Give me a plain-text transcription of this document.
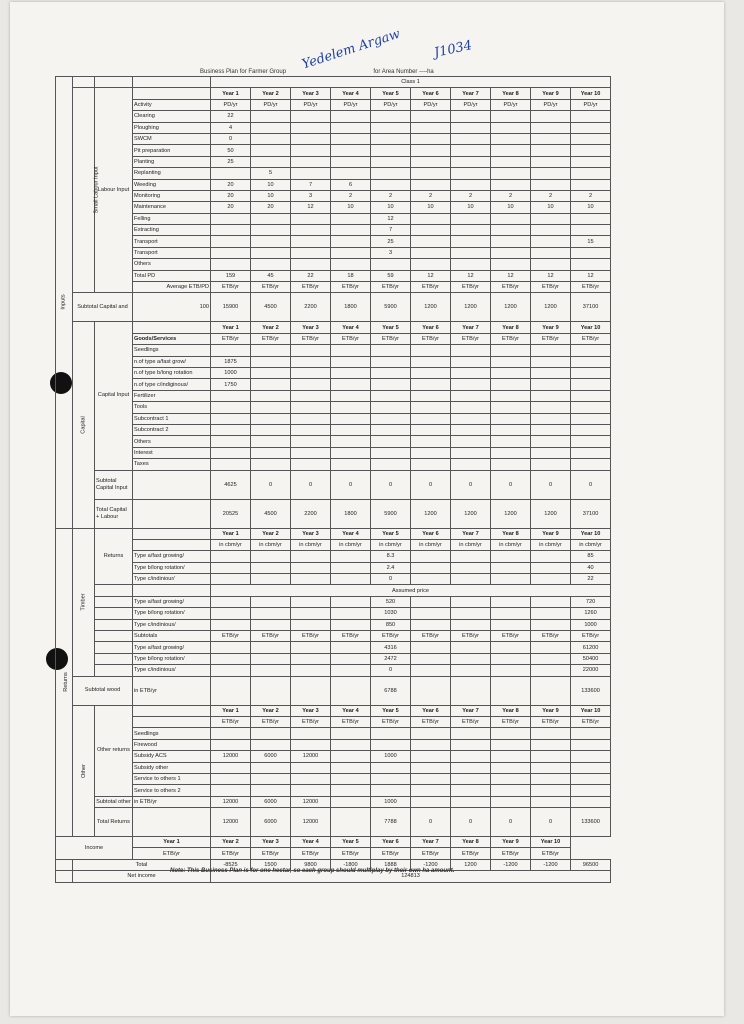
Business Plan for Farmer Group	for Area Number ----ha
Yedelem Argaw J1034
Inputs				Class 1									
	Small Labour Input	Labour Input		Year 1	Year 2	Year 3	Year 4	Year 5	Year 6	Year 7	Year 8	Year 9	Year 10
			Activity	PD/yr	PD/yr	PD/yr	PD/yr	PD/yr	PD/yr	PD/yr	PD/yr	PD/yr	PD/yr
			Clearing	22									
			Ploughing	4									
			SWCM	0									
			Pit preparation	50									
			Planting	25									
			Replanting		5								
			Weeding	20	10	7	6						
			Monitoring	20	10	3	2	2	2	2	2	2	2
			Maintenance	20	20	12	10	10	10	10	10	10	10
			Felling					12					
			Extracting					7					
			Transport					25					15
			Transport					3					
			Others										
			Total PD	159	45	22	18	59	12	12	12	12	12
			Average ETB/PD	ETB/yr	ETB/yr	ETB/yr	ETB/yr	ETB/yr	ETB/yr	ETB/yr	ETB/yr	ETB/yr	ETB/yr
	Subtotal Capital and		100	15900	4500	2200	1800	5900	1200	1200	1200	1200	37100
	Capital	Capital Input		Year 1	Year 2	Year 3	Year 4	Year 5	Year 6	Year 7	Year 8	Year 9	Year 10
			Goods/Services	ETB/yr	ETB/yr	ETB/yr	ETB/yr	ETB/yr	ETB/yr	ETB/yr	ETB/yr	ETB/yr	ETB/yr
			Seedlings										
			n.of type a/fast grow/	1875									
			n.of type b/long rotation	1000									
			n.of type c/indiginous/	1750									
			Fertilizer										
			Tools										
			Subcontract 1										
			Subcontract 2										
			Others										
			Interest										
			Taxes										
		Subtotal Capital Input		4625	0	0	0	0	0	0	0	0	0
		Total Capital + Labour		20525	4500	2200	1800	5900	1200	1200	1200	1200	37100
Returns	Timber	Returns		Year 1	Year 2	Year 3	Year 4	Year 5	Year 6	Year 7	Year 8	Year 9	Year 10
				in cbm/yr	in cbm/yr	in cbm/yr	in cbm/yr	in cbm/yr	in cbm/yr	in cbm/yr	in cbm/yr	in cbm/yr	in cbm/yr
			Type a/fast growing/					8.3					85
			Type b/long rotation/					2.4					40
			Type c/indiniour/					0					22
				Assumed price									
			Type a/fast growing/					520					720
			Type b/long rotation/					1030					1260
			Type c/indinious/					850					1000
			Subtotals	ETB/yr	ETB/yr	ETB/yr	ETB/yr	ETB/yr	ETB/yr	ETB/yr	ETB/yr	ETB/yr	ETB/yr
			Type a/fast growing/					4316					61200
			Type b/long rotation/					2472					50400
			Type c/indinious/					0					22000
	Subtotal wood		in ETB/yr					6788					133600
	Other	Other returns		Year 1	Year 2	Year 3	Year 4	Year 5	Year 6	Year 7	Year 8	Year 9	Year 10
				ETB/yr	ETB/yr	ETB/yr	ETB/yr	ETB/yr	ETB/yr	ETB/yr	ETB/yr	ETB/yr	ETB/yr
			Seedlings										
			Firewood										
			Subsidy ACS	12000	6000	12000		1000					
			Subsidy other										
			Service to others 1										
			Service to others 2										
		Subtotal other	in ETB/yr	12000	6000	12000		1000					
		Total Returns		12000	6000	12000		7788	0	0	0	0	133600
Income			Year 1	Year 2	Year 3	Year 4	Year 5	Year 6	Year 7	Year 8	Year 9	Year 10	
			ETB/yr	ETB/yr	ETB/yr	ETB/yr	ETB/yr	ETB/yr	ETB/yr	ETB/yr	ETB/yr	ETB/yr	
	Total			-8525	1500	9800	-1800	1888	-1200	1200	-1200	-1200	96500
	Net income			124813									
Note: This Business Plan is for one hectar, so each group should multiplay by their own ha amount.
